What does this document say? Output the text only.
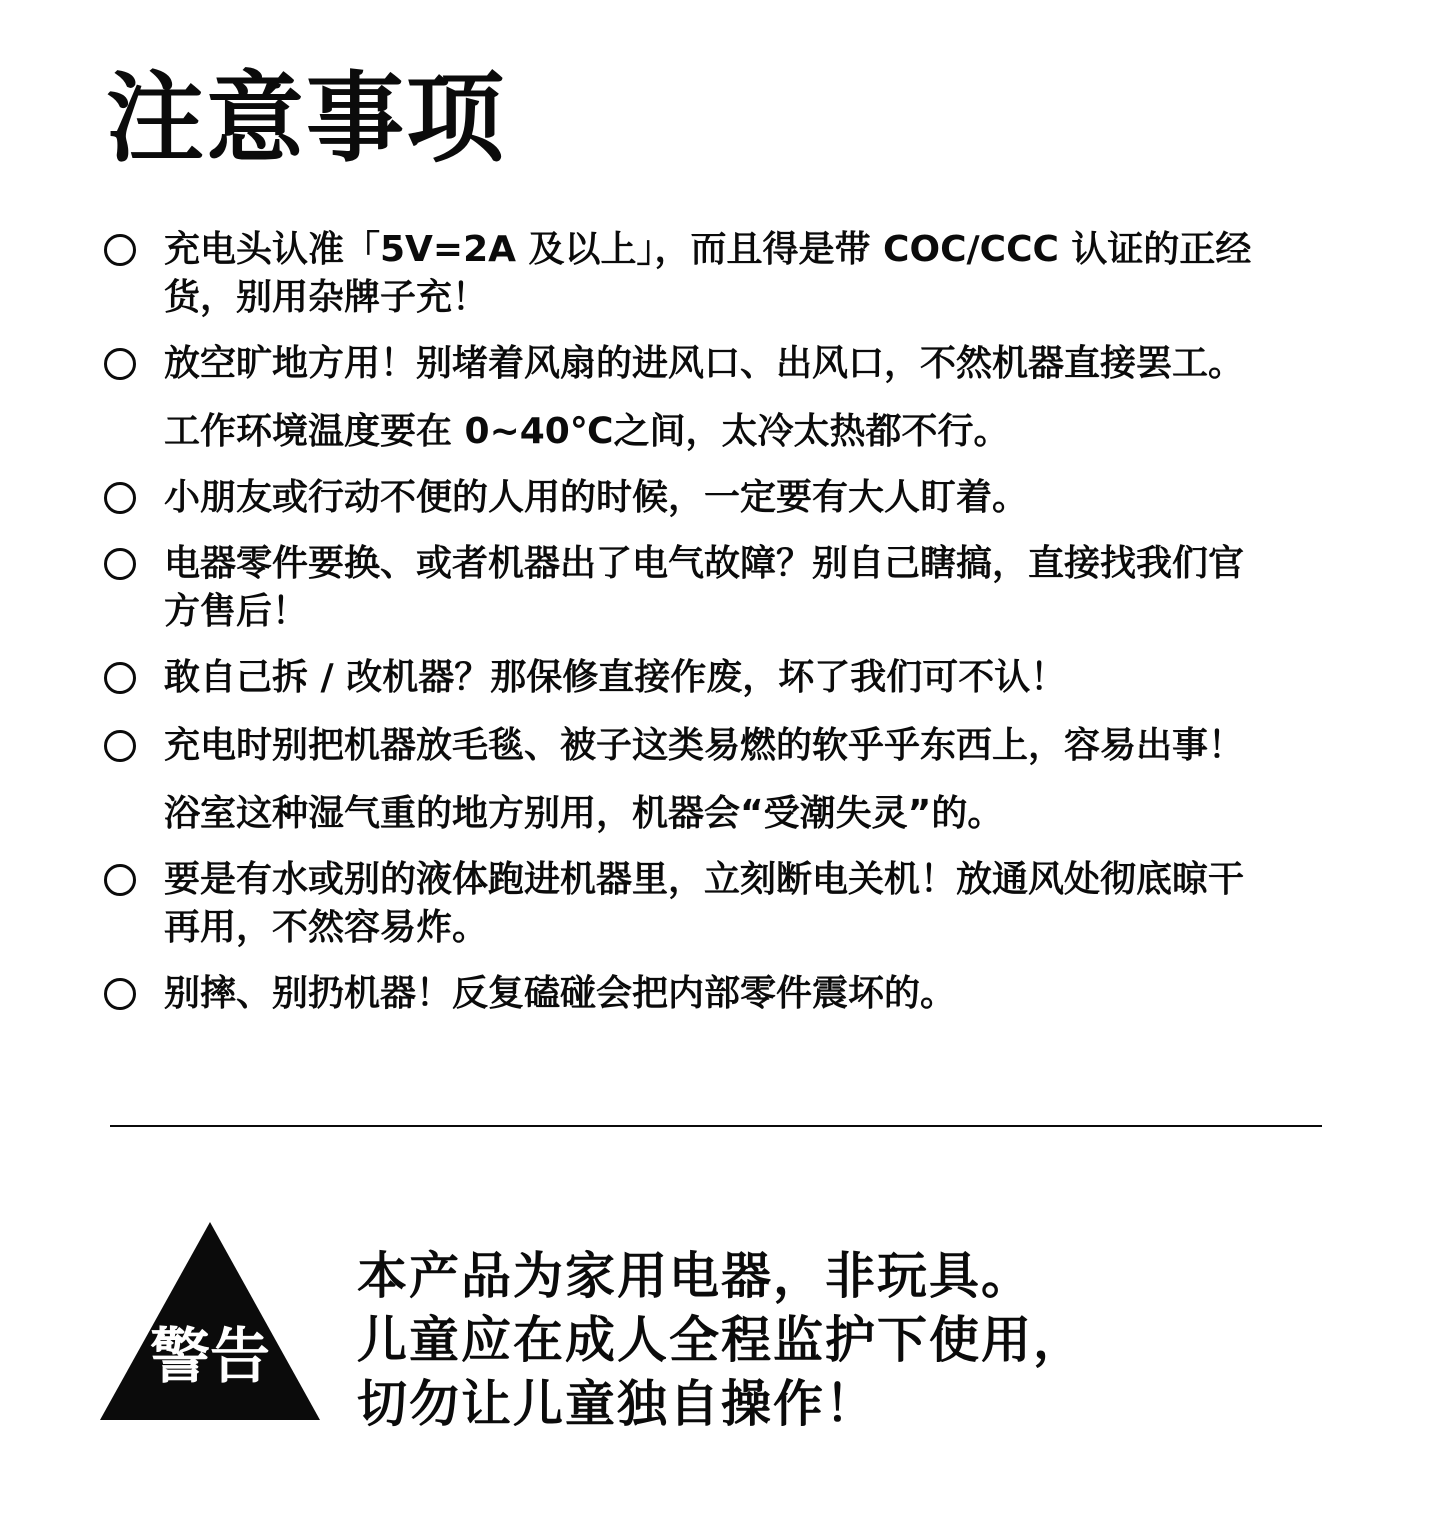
注意事项
充电头认准「5V=2A 及以上」，而且得是带 COC/CCC 认证的正经
货，别用杂牌子充！
放空旷地方用！别堵着风扇的进风口、出风口，不然机器直接罢工。
工作环境温度要在 0~40℃之间，太冷太热都不行。
小朋友或行动不便的人用的时候，一定要有大人盯着。
电器零件要换、或者机器出了电气故障？别自己瞎搞，直接找我们官
方售后！
敢自己拆 / 改机器？那保修直接作废，坏了我们可不认！
充电时别把机器放毛毯、被子这类易燃的软乎乎东西上，容易出事！
浴室这种湿气重的地方别用，机器会“受潮失灵”的。
要是有水或别的液体跑进机器里，立刻断电关机！放通风处彻底晾干
再用，不然容易炸。
别摔、别扔机器！反复磕碰会把内部零件震坏的。
警告
本产品为家用电器，非玩具。
儿童应在成人全程监护下使用，
切勿让儿童独自操作！
